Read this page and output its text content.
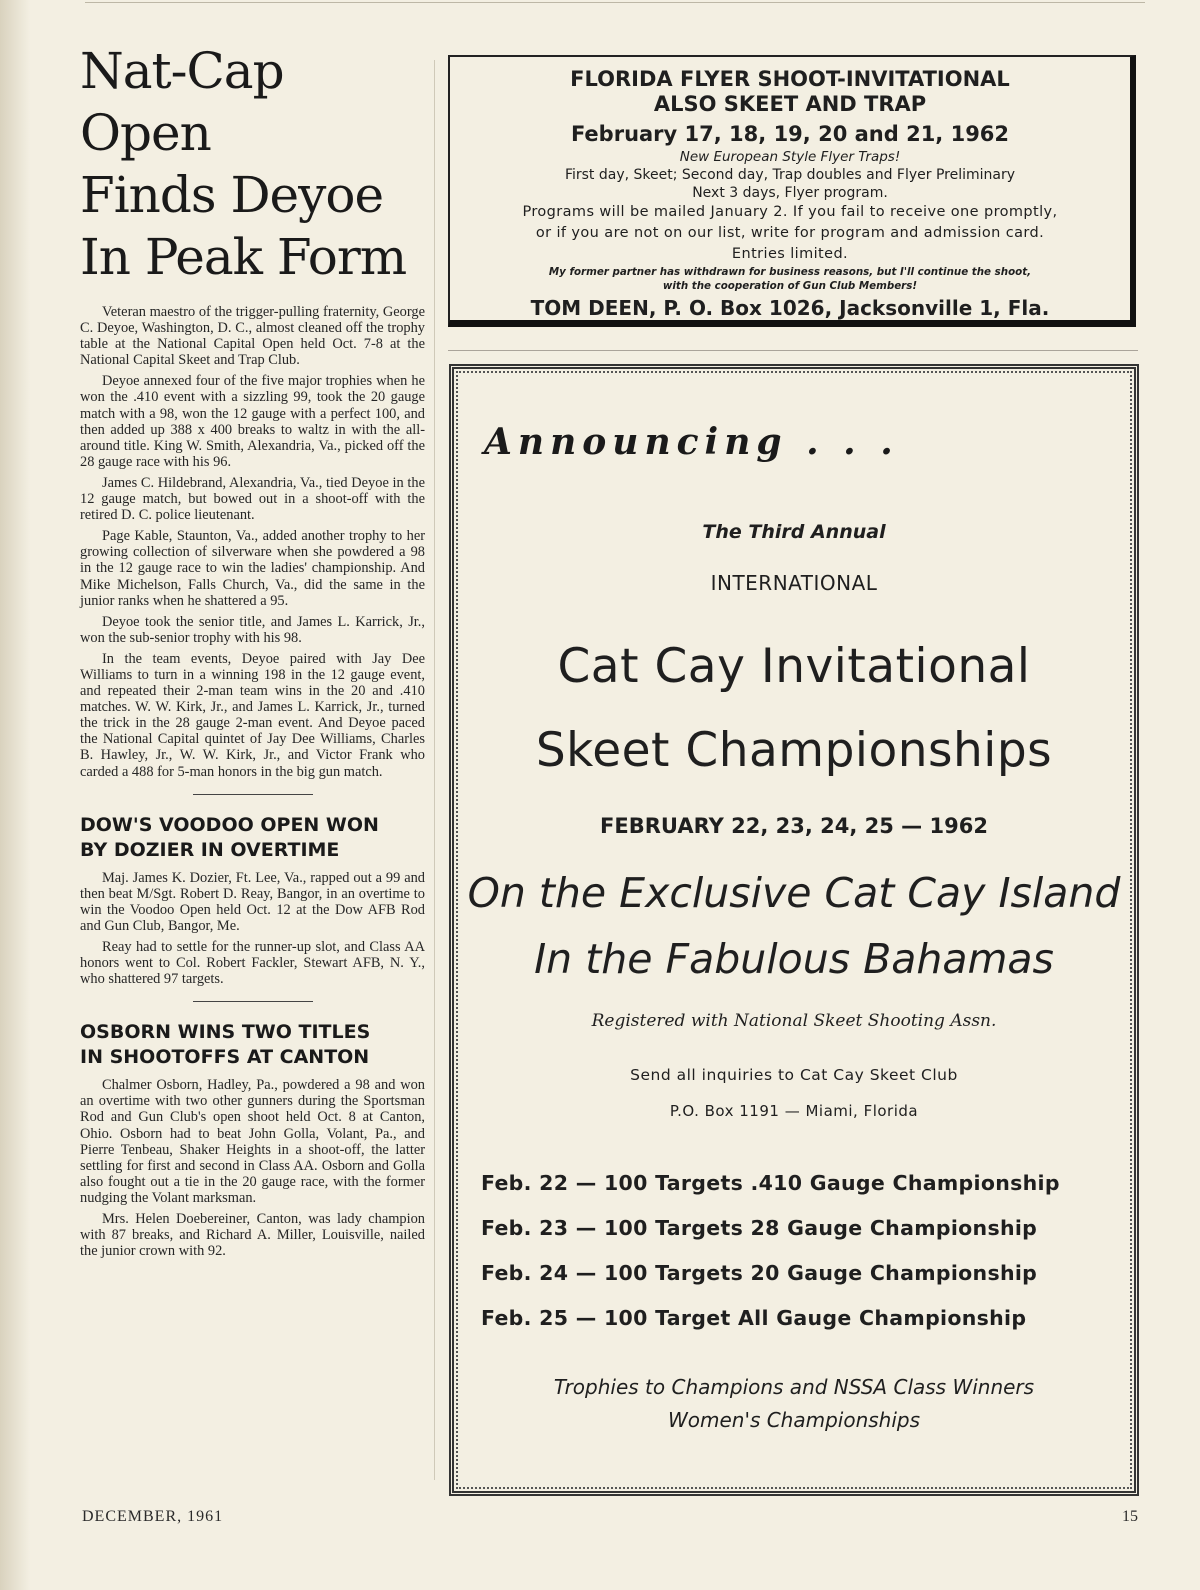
Nat-Cap Open
Finds Deyoe
In Peak Form

Veteran maestro of the trigger-pulling fraternity, George C. Deyoe, Washington, D. C., almost cleaned off the trophy table at the National Capital Open held Oct. 7-8 at the National Capital Skeet and Trap Club.

Deyoe annexed four of the five major trophies when he won the .410 event with a sizzling 99, took the 20 gauge match with a 98, won the 12 gauge with a perfect 100, and then added up 388 x 400 breaks to waltz in with the all-around title. King W. Smith, Alexandria, Va., picked off the 28 gauge race with his 96.

James C. Hildebrand, Alexandria, Va., tied Deyoe in the 12 gauge match, but bowed out in a shoot-off with the retired D. C. police lieutenant.

Page Kable, Staunton, Va., added another trophy to her growing collection of silverware when she powdered a 98 in the 12 gauge race to win the ladies' championship. And Mike Michelson, Falls Church, Va., did the same in the junior ranks when he shattered a 95.

Deyoe took the senior title, and James L. Karrick, Jr., won the sub-senior trophy with his 98.

In the team events, Deyoe paired with Jay Dee Williams to turn in a winning 198 in the 12 gauge event, and repeated their 2-man team wins in the 20 and .410 matches. W. W. Kirk, Jr., and James L. Karrick, Jr., turned the trick in the 28 gauge 2-man event. And Deyoe paced the National Capital quintet of Jay Dee Williams, Charles B. Hawley, Jr., W. W. Kirk, Jr., and Victor Frank who carded a 488 for 5-man honors in the big gun match.

DOW'S VOODOO OPEN WON
BY DOZIER IN OVERTIME

Maj. James K. Dozier, Ft. Lee, Va., rapped out a 99 and then beat M/Sgt. Robert D. Reay, Bangor, in an overtime to win the Voodoo Open held Oct. 12 at the Dow AFB Rod and Gun Club, Bangor, Me.

Reay had to settle for the runner-up slot, and Class AA honors went to Col. Robert Fackler, Stewart AFB, N. Y., who shattered 97 targets.

OSBORN WINS TWO TITLES
IN SHOOTOFFS AT CANTON

Chalmer Osborn, Hadley, Pa., powdered a 98 and won an overtime with two other gunners during the Sportsman Rod and Gun Club's open shoot held Oct. 8 at Canton, Ohio. Osborn had to beat John Golla, Volant, Pa., and Pierre Tenbeau, Shaker Heights in a shoot-off, the latter settling for first and second in Class AA. Osborn and Golla also fought out a tie in the 20 gauge race, with the former nudging the Volant marksman.

Mrs. Helen Doebereiner, Canton, was lady champion with 87 breaks, and Richard A. Miller, Louisville, nailed the junior crown with 92.

FLORIDA FLYER SHOOT-INVITATIONAL

ALSO SKEET AND TRAP

February 17, 18, 19, 20 and 21, 1962

New European Style Flyer Traps!

First day, Skeet; Second day, Trap doubles and Flyer Preliminary

Next 3 days, Flyer program.

Programs will be mailed January 2. If you fail to receive one promptly,

or if you are not on our list, write for program and admission card.

Entries limited.

My former partner has withdrawn for business reasons, but I'll continue the shoot,

with the cooperation of Gun Club Members!

TOM DEEN, P. O. Box 1026, Jacksonville 1, Fla.

Announcing . . .

The Third Annual

INTERNATIONAL

Cat Cay Invitational

Skeet Championships

FEBRUARY 22, 23, 24, 25 — 1962

On the Exclusive Cat Cay Island

In the Fabulous Bahamas

Registered with National Skeet Shooting Assn.

Send all inquiries to Cat Cay Skeet Club

P.O. Box 1191 — Miami, Florida

Feb. 22 — 100 Targets .410 Gauge Championship
Feb. 23 — 100 Targets 28 Gauge Championship
Feb. 24 — 100 Targets 20 Gauge Championship
Feb. 25 — 100 Target All Gauge Championship

Trophies to Champions and NSSA Class Winners
Women's Championships

DECEMBER, 1961	15
